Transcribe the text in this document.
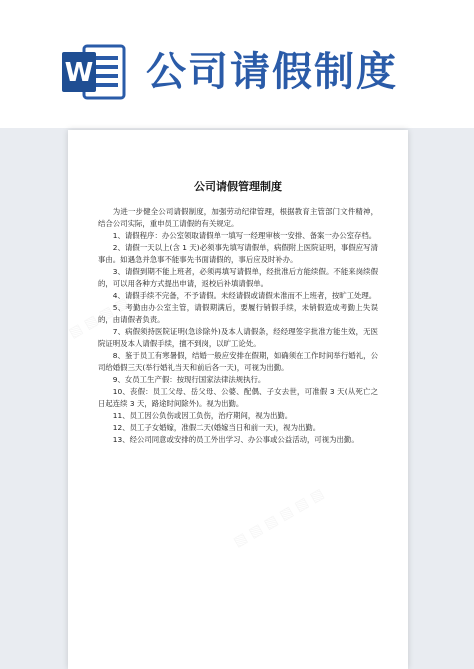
W 公司请假制度
公司请假管理制度

为进一步健全公司请假制度，加强劳动纪律管理，根据教育主管部门文件精神，结合公司实际，重申员工请假的有关规定。

1、请假程序：办公室领取请假单一填写一经理审核一安排、备案一办公室存档。

2、请假一天以上(含 1 天)必须事先填写请假单，病假附上医院证明，事假应写清事由。如遇急并急事不能事先书面请假的，事后应及时补办。

3、请假到期不能上班者，必须再填写请假单，经批准后方能续假。不能来岗续假的，可以用各种方式提出申请，返校后补填请假单。

4、请假手续不完备，不予请假。未经请假或请假未准而不上班者，按旷工处理。

5、考勤由办公室主管，请假期满后，要履行销假手续，未销假造成考勤上失误的，由请假者负责。

7、病假须持医院证明(急诊除外)及本人请假条，经经理签字批准方能生效，无医院证明及本人请假手续，擅不到岗，以旷工论处。

8、鉴于员工有寒暑假，结婚一般应安排在假期，如确须在工作时间举行婚礼，公司给婚假三天(举行婚礼当天和前后各一天)，可视为出勤。

9、女员工生产假：按现行国家法律法规执行。

10、丧假：员工父母、岳父母、公婆、配偶、子女去世，可准假 3 天(从死亡之日起连续 3 天，路途时间除外)。视为出勤。

11、员工因公负伤或因工负伤，治疗期间，视为出勤。

12、员工子女婚嫁，准假二天(婚嫁当日和前一天)，视为出勤。

13、经公司同意或安排的员工外出学习、办公事或公益活动，可视为出勤。
